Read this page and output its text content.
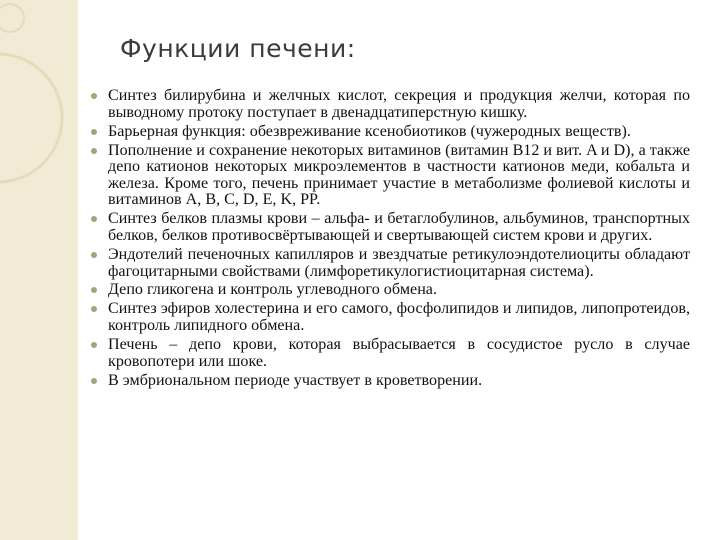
Функции печени:
Синтез билирубина и желчных кислот, секреция и продукция желчи, которая по выводному протоку поступает в двенадцатиперстную кишку.
Барьерная функция: обезвреживание ксенобиотиков (чужеродных веществ).
Пополнение и сохранение некоторых витаминов (витамин B12 и вит. A и D), а также депо катионов некоторых микроэлементов в частности катионов меди, кобальта и железа. Кроме того, печень принимает участие в метаболизме фолиевой кислоты и витаминов A, B, C, D, E, K, PP.
Синтез белков плазмы крови – альфа- и бетаглобулинов, альбуминов, транспортных белков, белков противосвёртывающей и свертывающей систем крови и других.
Эндотелий печеночных капилляров и звездчатые ретикулоэндотелиоциты обладают фагоцитарными свойствами (лимфоретикулогистиоцитарная система).
Депо гликогена и контроль углеводного обмена.
Синтез эфиров холестерина и его самого, фосфолипидов и липидов, липопротеидов, контроль липидного обмена.
Печень – депо крови, которая выбрасывается в сосудистое русло в случае кровопотери или шоке.
В эмбриональном периоде участвует в кроветворении.
